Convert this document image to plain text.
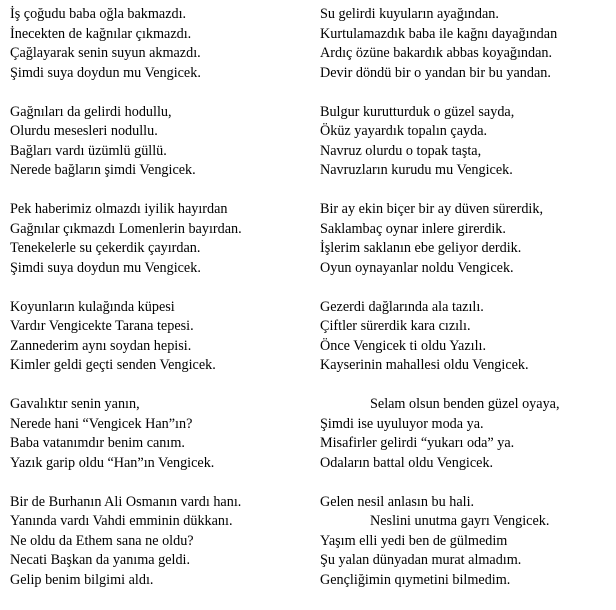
İş çoğudu baba oğla bakmazdı.
İnecekten de kağnılar çıkmazdı.
Çağlayarak senin suyun akmazdı.
Şimdi suya doydun mu Vengicek.
Gağnıları da gelirdi hodullu,
Olurdu mesesleri nodullu.
Bağları vardı üzümlü güllü.
Nerede bağların şimdi Vengicek.
Pek haberimiz olmazdı iyilik hayırdan
Gağnılar çıkmazdı Lomenlerin bayırdan.
Tenekelerle su çekerdik çayırdan.
Şimdi suya doydun mu Vengicek.
Koyunların kulağında küpesi
Vardır Vengicekte Tarana tepesi.
Zannederim aynı soydan hepisi.
Kimler geldi geçti senden Vengicek.
Gavalıktır senin yanın,
Nerede hani “Vengicek Han”ın?
Baba vatanımdır benim canım.
Yazık garip oldu “Han”ın Vengicek.
Bir de Burhanın Ali Osmanın vardı hanı.
Yanında vardı Vahdi emminin dükkanı.
Ne oldu da Ethem sana ne oldu?
Necati Başkan da yanıma geldi.
Gelip benim bilgimi aldı.
Su gelirdi kuyuların ayağından.
Kurtulamazdık baba ile kağnı dayağından
Ardıç özüne bakardık abbas koyağından.
Devir döndü bir o yandan bir bu yandan.
Bulgur kurutturduk o güzel sayda,
Öküz yayardık topalın çayda.
Navruz olurdu o topak taşta,
Navruzların kurudu mu Vengicek.
Bir ay ekin biçer bir ay düven sürerdik,
Saklambaç oynar inlere girerdik.
İşlerim saklanın ebe geliyor derdik.
Oyun oynayanlar noldu Vengicek.
Gezerdi dağlarında ala tazılı.
Çiftler sürerdik kara cızılı.
Önce Vengicek ti oldu Yazılı.
Kayserinin mahallesi oldu Vengicek.
Selam olsun benden güzel oyaya,
Şimdi ise uyuluyor moda ya.
Misafirler gelirdi “yukarı oda” ya.
Odaların battal oldu Vengicek.
Gelen nesil anlasın bu hali.
Neslini unutma gayrı Vengicek.
Yaşım elli yedi ben de gülmedim
Şu yalan dünyadan murat almadım.
Gençliğimin qıymetini bilmedim.
